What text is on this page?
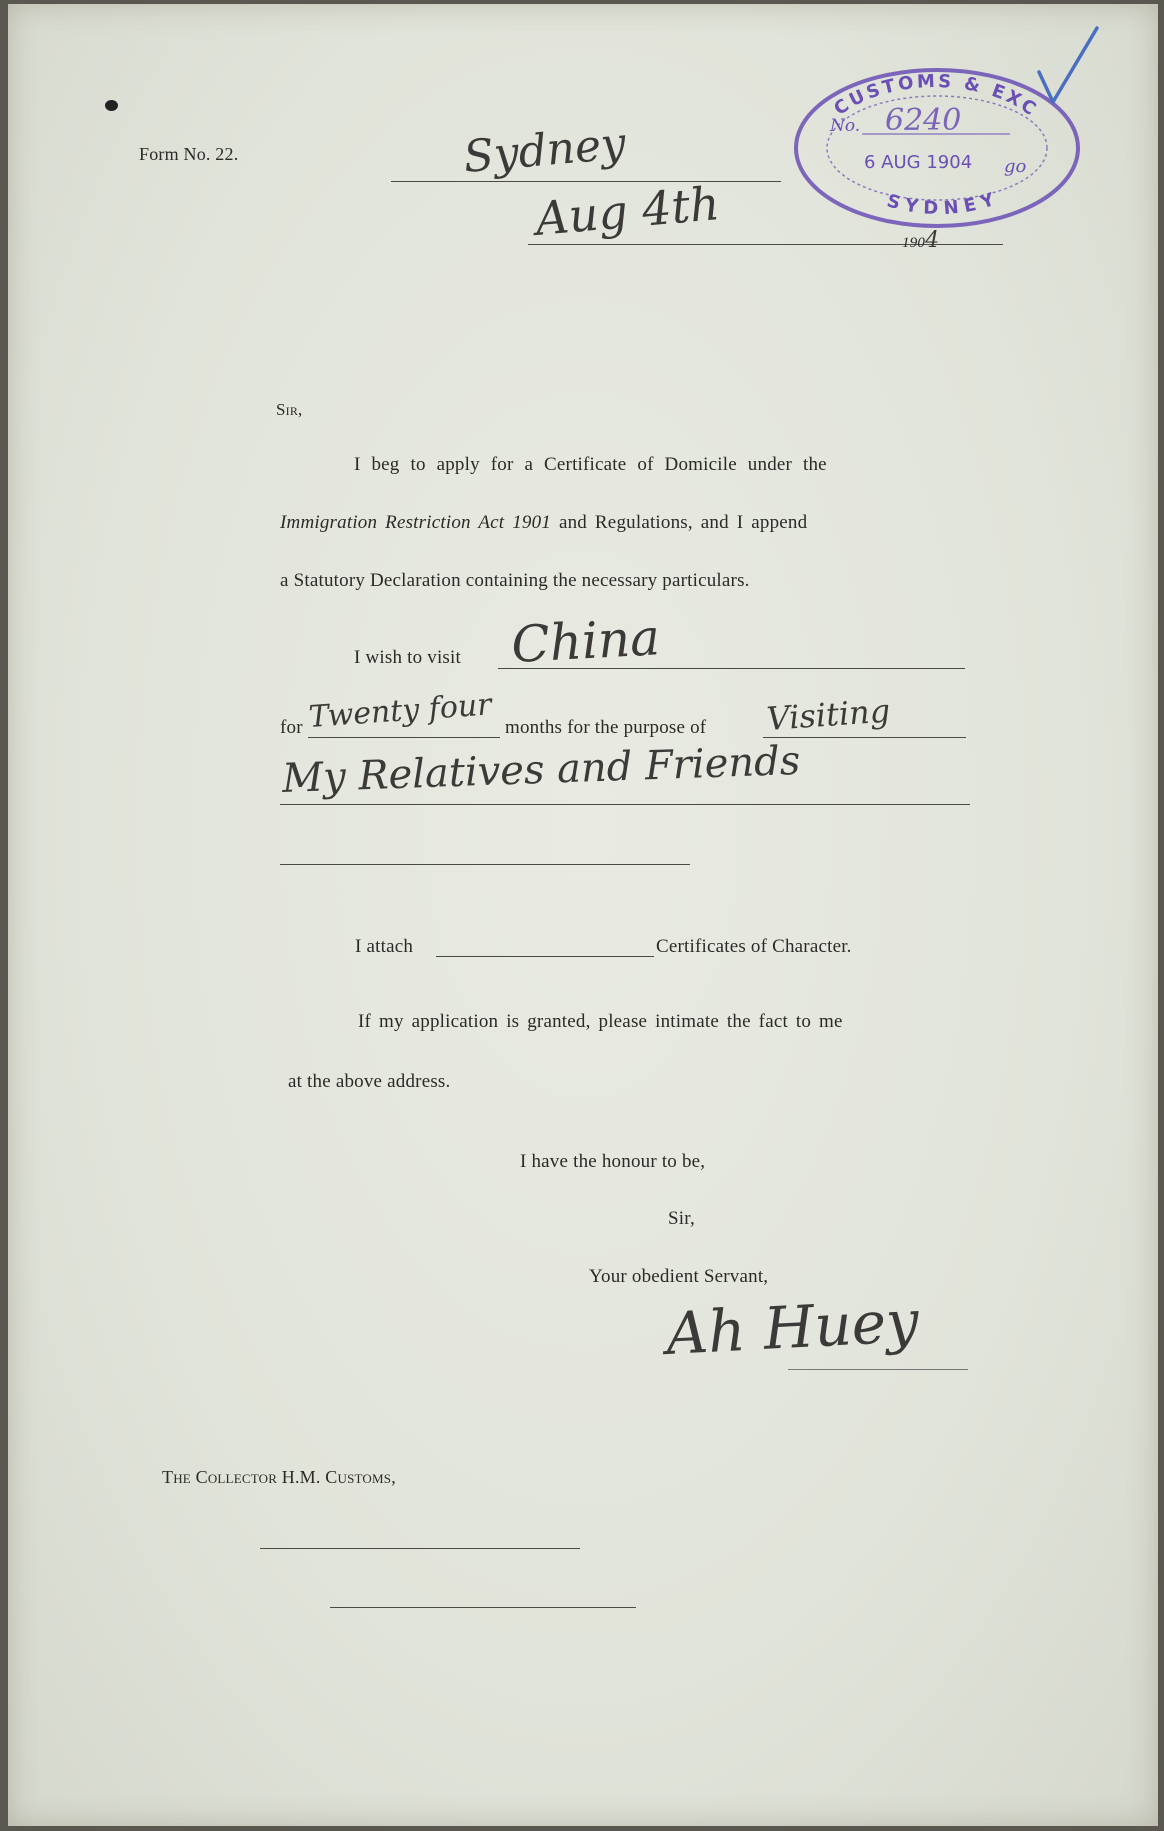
Form No. 22.	Sydney
Aug 4th	1904
CUSTOMS & EXC
SYDNEY
No. 6240
6 AUG 1904 go
Sir,
I beg to apply for a Certificate of Domicile under the
Immigration Restriction Act 1901 and Regulations, and I append
a Statutory Declaration containing the necessary particulars.
I wish to visit China
for Twenty four months for the purpose of Visiting
My Relatives and Friends
I attach	Certificates of Character.
If my application is granted, please intimate the fact to me
at the above address.
I have the honour to be,
Sir,
Your obedient Servant,
Ah Huey
The Collector H.M. Customs,
